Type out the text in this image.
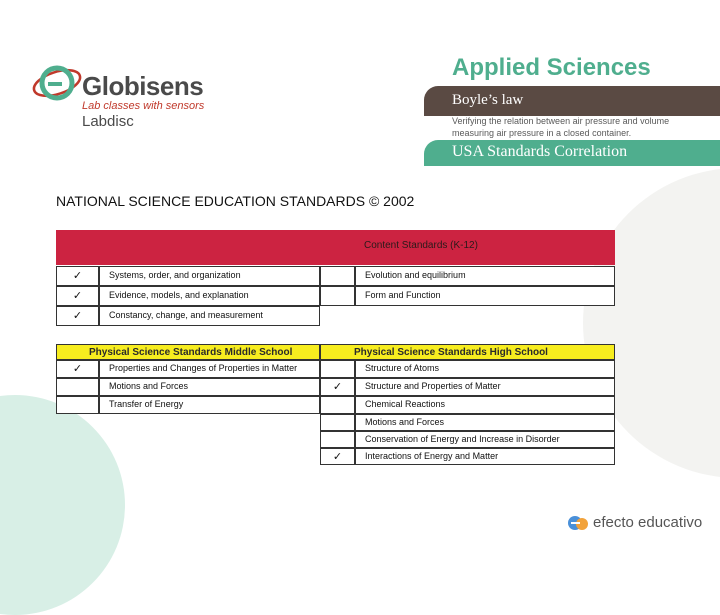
Globisens
Lab classes with sensors
Labdisc
Applied Sciences
Boyle’s law
Verifying the relation between air pressure and volume measuring air pressure in a closed container.
USA Standards Correlation
NATIONAL SCIENCE EDUCATION STANDARDS © 2002
Content Standards (K-12)
✓	Systems, order, and organization	Evolution and equilibrium
✓	Evidence, models, and explanation	Form and Function
✓	Constancy, change, and measurement
Physical Science Standards Middle School
✓	Properties and Changes of Properties in Matter
Motions and Forces
Transfer of Energy
Physical Science Standards High School
Structure of Atoms
✓	Structure and Properties of Matter
Chemical Reactions
Motions and Forces
Conservation of Energy and Increase in Disorder
✓	Interactions of Energy and Matter
efecto educativo
